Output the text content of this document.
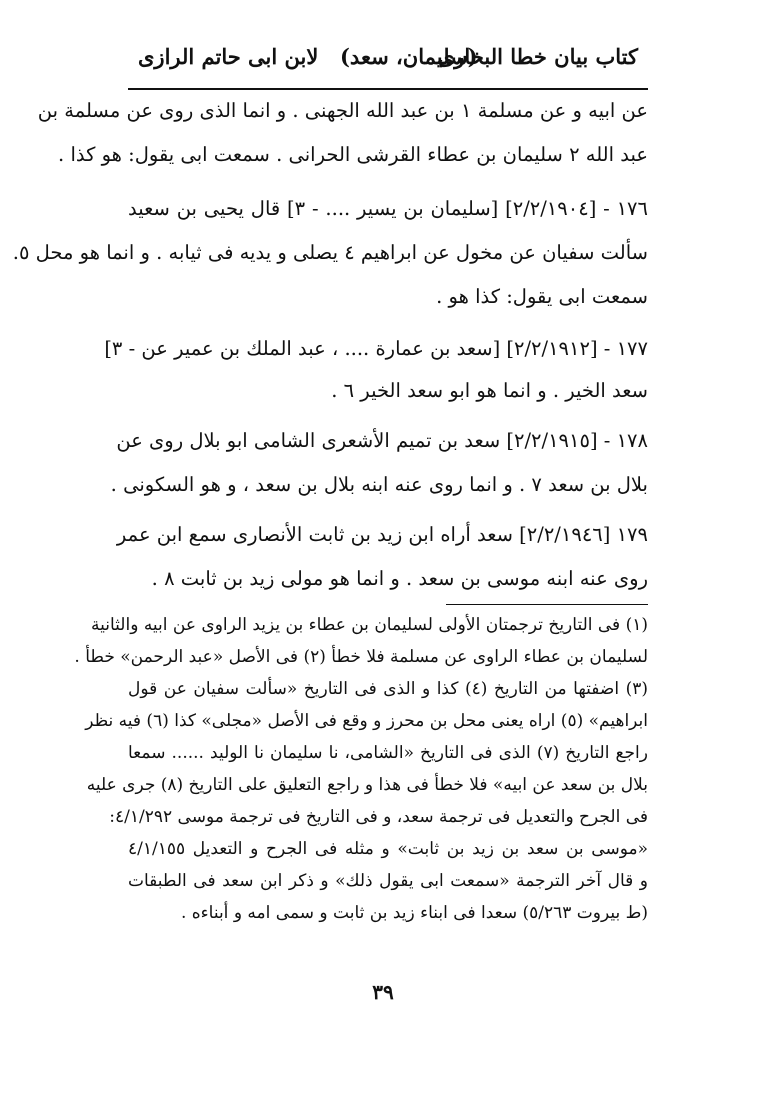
كتاب بيان خطا البخارى
(سليمان، سعد)
لابن ابى حاتم الرازى
عن ابيه و عن مسلمة ١ بن عبد الله الجهنى . و انما الذى روى عن مسلمة بن
عبد الله ٢ سليمان بن عطاء القرشى الحرانى . سمعت ابى يقول: هو كذا .
١٧٦ - [٢/٢/١٩٠٤] [سليمان بن يسير .... - ٣] قال يحيى بن سعيد
سألت سفيان عن مخول عن ابراهيم ٤ يصلى و يديه فى ثيابه . و انما هو محل ٥.
سمعت ابى يقول: كذا هو .
١٧٧ - [٢/٢/١٩١٢] [سعد بن عمارة .... ، عبد الملك بن عمير عن - ٣]
سعد الخير . و انما هو ابو سعد الخير ٦ .
١٧٨ - [٢/٢/١٩١٥] سعد بن تميم الأشعرى الشامى ابو بلال روى عن
بلال بن سعد ٧ . و انما روى عنه ابنه بلال بن سعد ، و هو السكونى .
١٧٩ [٢/٢/١٩٤٦] سعد أراه ابن زيد بن ثابت الأنصارى سمع ابن عمر
روى عنه ابنه موسى بن سعد . و انما هو مولى زيد بن ثابت ٨ .
(١) فى التاريخ ترجمتان الأولى لسليمان بن عطاء بن يزيد الراوى عن ابيه والثانية
لسليمان بن عطاء الراوى عن مسلمة فلا خطأ (٢) فى الأصل «عبد الرحمن» خطأ .
(٣) اضفتها من التاريخ (٤) كذا و الذى فى التاريخ «سألت سفيان عن قول
ابراهيم» (٥) اراه يعنى محل بن محرز و وقع فى الأصل «مجلى» كذا (٦) فيه نظر
راجع التاريخ (٧) الذى فى التاريخ «الشامى، نا سليمان نا الوليد ...... سمعا
بلال بن سعد عن ابيه» فلا خطأ فى هذا و راجع التعليق على التاريخ (٨) جرى عليه
فى الجرح والتعديل فى ترجمة سعد، و فى التاريخ فى ترجمة موسى ٤/١/٢٩٢:
«موسى بن سعد بن زيد بن ثابت» و مثله فى الجرح و التعديل ٤/١/١٥٥
و قال آخر الترجمة «سمعت ابى يقول ذلك» و ذكر ابن سعد فى الطبقات
(ط بيروت ٥/٢٦٣) سعدا فى ابناء زيد بن ثابت و سمى امه و أبناءه .
٣٩
